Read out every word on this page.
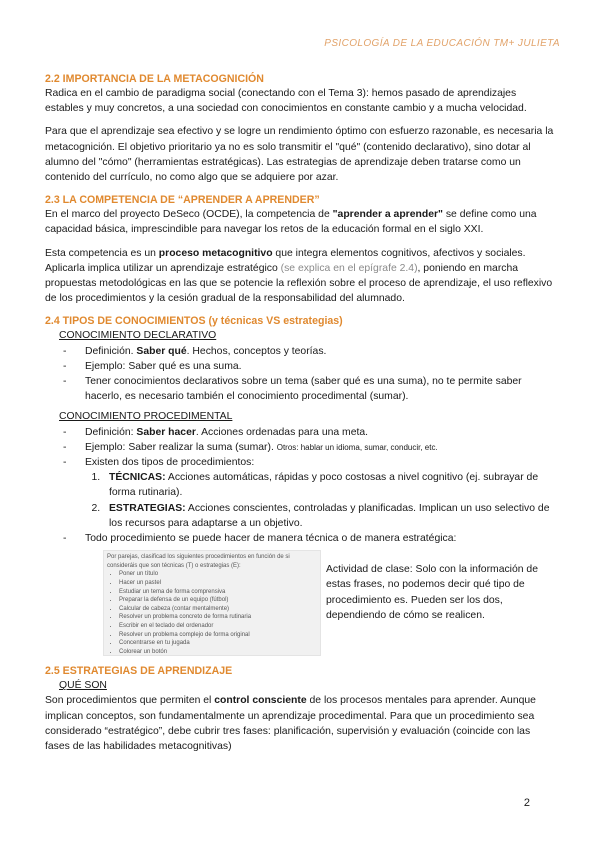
PSICOLOGÍA DE LA EDUCACIÓN TM+ JULIETA
2.2 IMPORTANCIA DE LA METACOGNICIÓN

Radica en el cambio de paradigma social (conectando con el Tema 3): hemos pasado de aprendizajes estables y muy concretos, a una sociedad con conocimientos en constante cambio y a mucha velocidad.

Para que el aprendizaje sea efectivo y se logre un rendimiento óptimo con esfuerzo razonable, es necesaria la metacognición. El objetivo prioritario ya no es solo transmitir el "qué" (contenido declarativo), sino dotar al alumno del "cómo" (herramientas estratégicas). Las estrategias de aprendizaje deben tratarse como un contenido del currículo, no como algo que se adquiere por azar.

2.3 LA COMPETENCIA DE “APRENDER A APRENDER”

En el marco del proyecto DeSeco (OCDE), la competencia de "aprender a aprender" se define como una capacidad básica, imprescindible para navegar los retos de la educación formal en el siglo XXI.

Esta competencia es un proceso metacognitivo que integra elementos cognitivos, afectivos y sociales. Aplicarla implica utilizar un aprendizaje estratégico (se explica en el epígrafe 2.4), poniendo en marcha propuestas metodológicas en las que se potencie la reflexión sobre el proceso de aprendizaje, el uso reflexivo de los procedimientos y la cesión gradual de la responsabilidad del alumnado.

2.4 TIPOS DE CONOCIMIENTOS (y técnicas VS estrategias)
CONOCIMIENTO DECLARATIVO
- Definición. Saber qué. Hechos, conceptos y teorías.
- Ejemplo: Saber qué es una suma.
- Tener conocimientos declarativos sobre un tema (saber qué es una suma), no te permite saber hacerlo, es necesario también el conocimiento procedimental (sumar).
CONOCIMIENTO PROCEDIMENTAL
- Definición: Saber hacer. Acciones ordenadas para una meta.
- Ejemplo: Saber realizar la suma (sumar). Otros: hablar un idioma, sumar, conducir, etc.
- Existen dos tipos de procedimientos:
1. TÉCNICAS: Acciones automáticas, rápidas y poco costosas a nivel cognitivo (ej. subrayar de forma rutinaria).
2. ESTRATEGIAS: Acciones conscientes, controladas y planificadas. Implican un uso selectivo de los recursos para adaptarse a un objetivo.
- Todo procedimiento se puede hacer de manera técnica o de manera estratégica:
Por parejas, clasificad los siguientes procedimientos en función de si consideráis que son técnicas (T) o estrategias (E):
• Poner un título
• Hacer un pastel
• Estudiar un tema de forma comprensiva
• Preparar la defensa de un equipo (fútbol)
• Calcular de cabeza (contar mentalmente)
• Resolver un problema concreto de forma rutinaria
• Escribir en el teclado del ordenador
• Resolver un problema complejo de forma original
• Concentrarse en tu jugada
• Colorear un botón
Actividad de clase: Solo con la información de estas frases, no podemos decir qué tipo de procedimiento es. Pueden ser los dos, dependiendo de cómo se realicen.
2.5 ESTRATEGIAS DE APRENDIZAJE
QUÉ SON

Son procedimientos que permiten el control consciente de los procesos mentales para aprender. Aunque implican conceptos, son fundamentalmente un aprendizaje procedimental. Para que un procedimiento sea considerado “estratégico”, debe cubrir tres fases: planificación, supervisión y evaluación (coincide con las fases de las habilidades metacognitivas)

2
